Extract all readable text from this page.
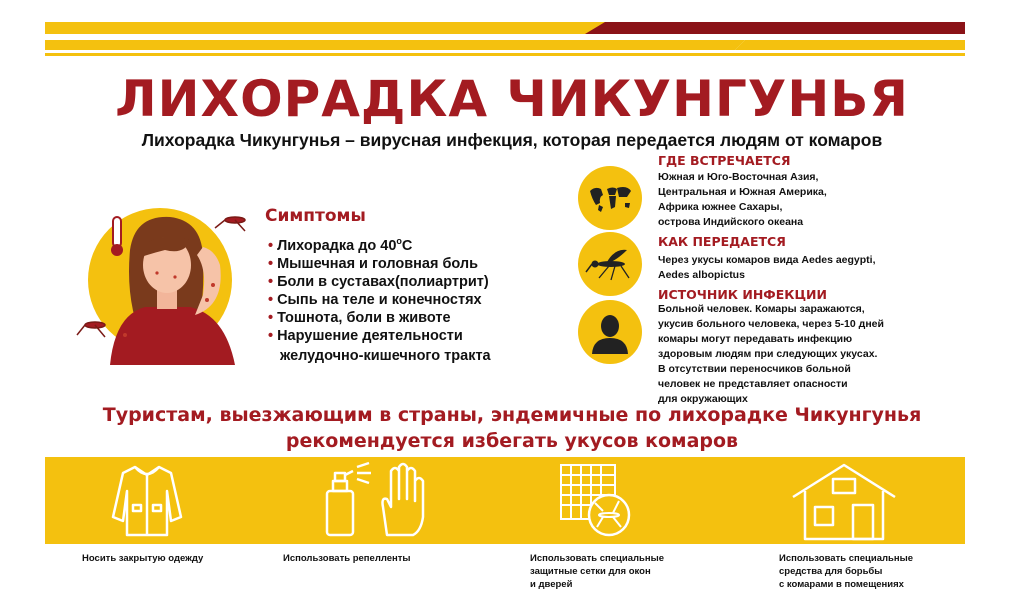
ЛИХОРАДКА ЧИКУНГУНЬЯ
Лихорадка Чикунгунья – вирусная инфекция, которая передается людям от комаров
Симптомы
• Лихорадка до $40^оС$
• Мышечная и головная боль
• Боли в суставах(полиартрит)
• Сыпь на теле и конечностях
• Тошнота, боли в животе
• Нарушение деятельности
желудочно-кишечного тракта
ГДЕ ВСТРЕЧАЕТСЯ
Южная и Юго-Восточная Азия,
Центральная и Южная Америка,
Африка южнее Сахары,
острова Индийского океана
КАК ПЕРЕДАЕТСЯ
Через укусы комаров вида Aedes aegypti,
Aedes albopictus
ИСТОЧНИК ИНФЕКЦИИ
Больной человек. Комары заражаются,
укусив больного человека, через 5-10 дней
комары могут передавать инфекцию
здоровым людям при следующих укусах.
В отсутствии переносчиков больной
человек не представляет опасности
для окружающих
Туристам, выезжающим в страны, эндемичные по лихорадке Чикунгунья
рекомендуется избегать укусов комаров
Носить закрытую одежду	Использовать репелленты	Использовать специальные
защитные сетки для окон
и дверей
Использовать специальные
средства для борьбы
с комарами в помещениях
